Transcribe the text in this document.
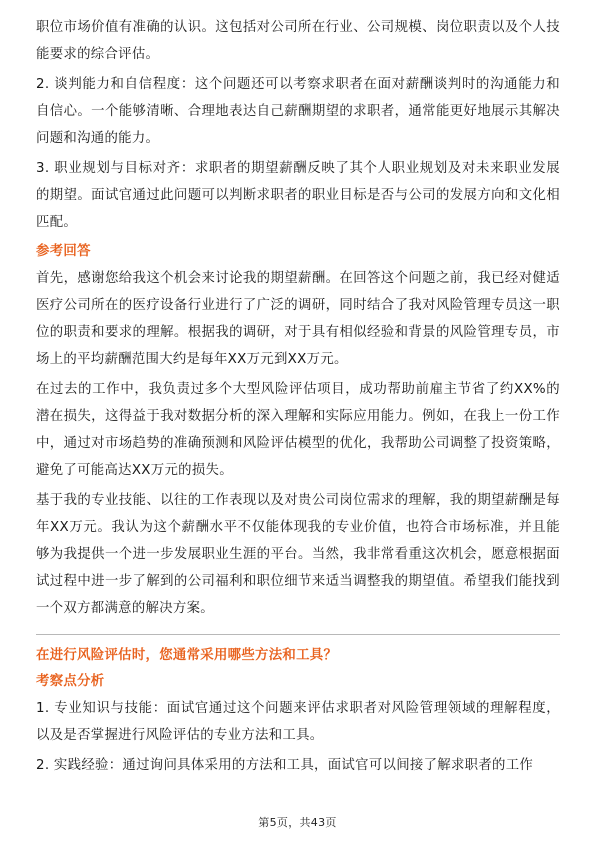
职位市场价值有准确的认识。这包括对公司所在行业、公司规模、岗位职责以及个人技能要求的综合评估。

2. 谈判能力和自信程度：这个问题还可以考察求职者在面对薪酬谈判时的沟通能力和自信心。一个能够清晰、合理地表达自己薪酬期望的求职者，通常能更好地展示其解决问题和沟通的能力。

3. 职业规划与目标对齐：求职者的期望薪酬反映了其个人职业规划及对未来职业发展的期望。面试官通过此问题可以判断求职者的职业目标是否与公司的发展方向和文化相匹配。

参考回答

首先，感谢您给我这个机会来讨论我的期望薪酬。在回答这个问题之前，我已经对健适医疗公司所在的医疗设备行业进行了广泛的调研，同时结合了我对风险管理专员这一职位的职责和要求的理解。根据我的调研，对于具有相似经验和背景的风险管理专员，市场上的平均薪酬范围大约是每年XX万元到XX万元。

在过去的工作中，我负责过多个大型风险评估项目，成功帮助前雇主节省了约XX%的潜在损失，这得益于我对数据分析的深入理解和实际应用能力。例如，在我上一份工作中，通过对市场趋势的准确预测和风险评估模型的优化，我帮助公司调整了投资策略，避免了可能高达XX万元的损失。

基于我的专业技能、以往的工作表现以及对贵公司岗位需求的理解，我的期望薪酬是每年XX万元。我认为这个薪酬水平不仅能体现我的专业价值，也符合市场标准，并且能够为我提供一个进一步发展职业生涯的平台。当然，我非常看重这次机会，愿意根据面试过程中进一步了解到的公司福利和职位细节来适当调整我的期望值。希望我们能找到一个双方都满意的解决方案。

在进行风险评估时，您通常采用哪些方法和工具？
考察点分析

1. 专业知识与技能：面试官通过这个问题来评估求职者对风险管理领域的理解程度，以及是否掌握进行风险评估的专业方法和工具。

2. 实践经验：通过询问具体采用的方法和工具，面试官可以间接了解求职者的工作

第5页，共43页
